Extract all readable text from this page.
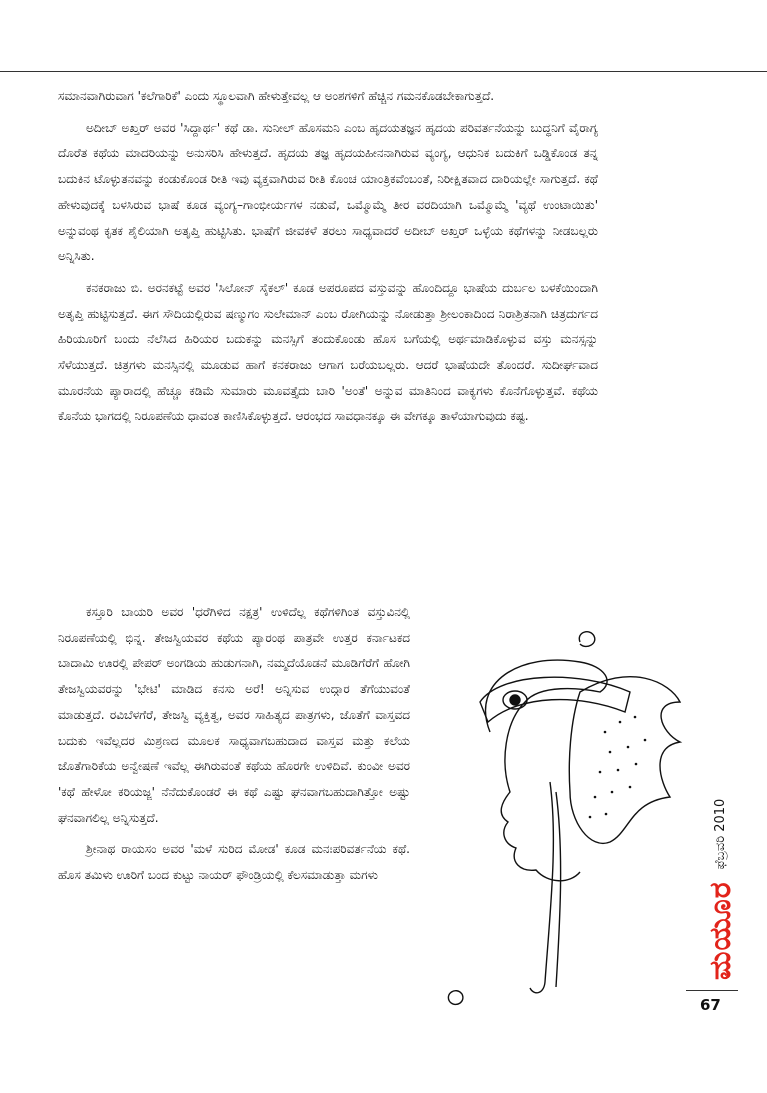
ಸಮಾನವಾಗಿರುವಾಗ 'ಕಲೆಗಾರಿಕೆ' ಎಂದು ಸ್ಥೂಲವಾಗಿ ಹೇಳುತ್ತೇವಲ್ಲ ಆ ಅಂಶಗಳಿಗೆ ಹೆಚ್ಚಿನ ಗಮನಕೊಡಬೇಕಾಗುತ್ತದೆ.

ಅದೀಬ್ ಅಖ್ತರ್ ಅವರ 'ಸಿದ್ದಾರ್ಥ' ಕಥೆ ಡಾ. ಸುನೀಲ್ ಹೊಸಮನಿ ಎಂಬ ಹೃದಯತಜ್ಞನ ಹೃದಯ ಪರಿವರ್ತನೆಯನ್ನು ಬುದ್ಧನಿಗೆ ವೈರಾಗ್ಯ ದೊರೆತ ಕಥೆಯ ಮಾದರಿಯನ್ನು ಅನುಸರಿಸಿ ಹೇಳುತ್ತದೆ. ಹೃದಯ ತಜ್ಞ ಹೃದಯಹೀನನಾಗಿರುವ ವ್ಯಂಗ್ಯ, ಆಧುನಿಕ ಬದುಕಿಗೆ ಒಡ್ಡಿಕೊಂಡ ತನ್ನ ಬದುಕಿನ ಟೊಳ್ಳುತನವನ್ನು ಕಂಡುಕೊಂಡ ರೀತಿ ಇವು ವ್ಯಕ್ತವಾಗಿರುವ ರೀತಿ ಕೊಂಚ ಯಾಂತ್ರಿಕವೆಂಬಂತೆ, ನಿರೀಕ್ಷಿತವಾದ ದಾರಿಯಲ್ಲೇ ಸಾಗುತ್ತದೆ. ಕಥೆ ಹೇಳುವುದಕ್ಕೆ ಬಳಸಿರುವ ಭಾಷೆ ಕೂಡ ವ್ಯಂಗ್ಯ–ಗಾಂಭೀರ್ಯಗಳ ನಡುವೆ, ಒಮ್ಮೊಮ್ಮೆ ತೀರ ವರದಿಯಾಗಿ ಒಮ್ಮೊಮ್ಮೆ 'ವ್ಯಥೆ ಉಂಟಾಯಿತು' ಅನ್ನುವಂಥ ಕೃತಕ ಶೈಲಿಯಾಗಿ ಅತೃಪ್ತಿ ಹುಟ್ಟಿಸಿತು. ಭಾಷೆಗೆ ಜೀವಕಳೆ ತರಲು ಸಾಧ್ಯವಾದರೆ ಅದೀಬ್ ಅಖ್ತರ್ ಒಳ್ಳೆಯ ಕಥೆಗಳನ್ನು ನೀಡಬಲ್ಲರು ಅನ್ನಿಸಿತು.

ಕನಕರಾಜು ಬಿ. ಅರನಕಟ್ಟೆ ಅವರ 'ಸಿಲೋನ್ ಸೈಕಲ್' ಕೂಡ ಅಪರೂಪದ ವಸ್ತುವನ್ನು ಹೊಂದಿದ್ದೂ ಭಾಷೆಯ ದುರ್ಬಲ ಬಳಕೆಯಿಂದಾಗಿ ಅತೃಪ್ತಿ ಹುಟ್ಟಿಸುತ್ತದೆ. ಈಗ ಸೌದಿಯಲ್ಲಿರುವ ಷಣ್ಮುಗಂ ಸುಲೇಮಾನ್ ಎಂಬ ರೋಗಿಯನ್ನು ನೋಡುತ್ತಾ ಶ್ರೀಲಂಕಾದಿಂದ ನಿರಾಶ್ರಿತನಾಗಿ ಚಿತ್ರದುರ್ಗದ ಹಿರಿಯೂರಿಗೆ ಬಂದು ನೆಲೆಸಿದ ಹಿರಿಯರ ಬದುಕನ್ನು ಮನಸ್ಸಿಗೆ ತಂದುಕೊಂಡು ಹೊಸ ಬಗೆಯಲ್ಲಿ ಅರ್ಥಮಾಡಿಕೊಳ್ಳುವ ವಸ್ತು ಮನಸ್ಸನ್ನು ಸೆಳೆಯುತ್ತದೆ. ಚಿತ್ರಗಳು ಮನಸ್ಸಿನಲ್ಲಿ ಮೂಡುವ ಹಾಗೆ ಕನಕರಾಜು ಆಗಾಗ ಬರೆಯಬಲ್ಲರು. ಆದರೆ ಭಾಷೆಯದೇ ತೊಂದರೆ. ಸುದೀರ್ಘವಾದ ಮೂರನೆಯ ಪ್ಯಾರಾದಲ್ಲಿ ಹೆಚ್ಚೂ ಕಡಿಮೆ ಸುಮಾರು ಮೂವತ್ತೈದು ಬಾರಿ 'ಅಂತೆ' ಅನ್ನುವ ಮಾತಿನಿಂದ ವಾಕ್ಯಗಳು ಕೊನೆಗೊಳ್ಳುತ್ತವೆ. ಕಥೆಯ ಕೊನೆಯ ಭಾಗದಲ್ಲಿ ನಿರೂಪಣೆಯ ಧಾವಂತ ಕಾಣಿಸಿಕೊಳ್ಳುತ್ತದೆ. ಆರಂಭದ ಸಾವಧಾನಕ್ಕೂ ಈ ವೇಗಕ್ಕೂ ತಾಳೆಯಾಗುವುದು ಕಷ್ಟ.

ಕಸ್ತೂರಿ ಬಾಯರಿ ಅವರ 'ಧರೆಗಿಳಿದ ನಕ್ಷತ್ರ' ಉಳಿದೆಲ್ಲ ಕಥೆಗಳಿಗಿಂತ ವಸ್ತುವಿನಲ್ಲಿ ನಿರೂಪಣೆಯಲ್ಲಿ ಭಿನ್ನ. ತೇಜಸ್ವಿಯವರ ಕಥೆಯ ಪ್ಯಾರಂಥ ಪಾತ್ರವೇ ಉತ್ತರ ಕರ್ನಾಟಕದ ಬಾದಾಮಿ ಊರಲ್ಲಿ ಪೇಪರ್ ಅಂಗಡಿಯ ಹುಡುಗನಾಗಿ, ನಮ್ಮದೆಯೊಡನೆ ಮೂಡಿಗೆರೆಗೆ ಹೋಗಿ ತೇಜಸ್ವಿಯವರನ್ನು 'ಭೇಟಿ' ಮಾಡಿದ ಕನಸು ಅರೆ! ಅನ್ನಿಸುವ ಉದ್ಗಾರ ತೆಗೆಯುವಂತೆ ಮಾಡುತ್ತದೆ. ರವಿಬೆಳಗೆರೆ, ತೇಜಸ್ವಿ ವ್ಯಕ್ತಿತ್ವ, ಅವರ ಸಾಹಿತ್ಯದ ಪಾತ್ರಗಳು, ಜೊತೆಗೆ ವಾಸ್ತವದ ಬದುಕು ಇವೆಲ್ಲದರ ಮಿಶ್ರಣದ ಮೂಲಕ ಸಾಧ್ಯವಾಗಬಹುದಾದ ವಾಸ್ತವ ಮತ್ತು ಕಲೆಯ ಜೊತೆಗಾರಿಕೆಯ ಅನ್ವೇಷಣೆ ಇವೆಲ್ಲ ಈಗಿರುವಂತೆ ಕಥೆಯ ಹೊರಗೇ ಉಳಿದಿವೆ. ಕುಂವೀ ಅವರ 'ಕಥೆ ಹೇಳೋ ಕರಿಯಜ್ಜ' ನೆನೆದುಕೊಂಡರೆ ಈ ಕಥೆ ಎಷ್ಟು ಘನವಾಗಬಹುದಾಗಿತ್ತೋ ಅಷ್ಟು ಘನವಾಗಲಿಲ್ಲ ಅನ್ನಿಸುತ್ತದೆ.

ಶ್ರೀನಾಥ ರಾಯಸಂ ಅವರ 'ಮಳೆ ಸುರಿದ ಮೋಡ' ಕೂಡ ಮನಃಪರಿವರ್ತನೆಯ ಕಥೆ. ಹೊಸ ತಮಿಳು ಊರಿಗೆ ಬಂದ ಕುಟ್ಟು ನಾಯರ್ ಫೌಂಡ್ರಿಯಲ್ಲಿ ಕೆಲಸಮಾಡುತ್ತಾ ಮಗಳು

ಮಯೂರ
ಫೆಬ್ರವರಿ 2010
67
